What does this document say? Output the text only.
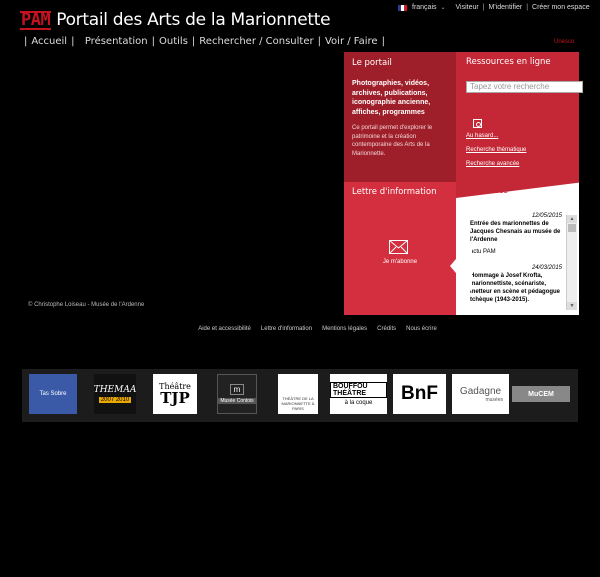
PAM Portail des Arts de la Marionnette
français ⌄
Visiteur | M'identifier | Créer mon espace
| Accueil |
Présentation | Outils | Rechercher / Consulter | Voir / Faire |	Unesco
Le portail
Photographies, vidéos, archives, publications, iconographie ancienne, affiches, programmes
Ce portail permet d'explorer le patrimoine et la création contemporaine des Arts de la Marionnette.
Ressources en ligne
Tapez votre recherche
Au hasard...
Recherche thématique
Recherche avancée
Lettre d'information
Je m'abonne
12/05/2015
Entrée des marionnettes de Jacques Chesnais au musée de l'Ardenne
actu PAM
24/03/2015
Hommage à Josef Krofta, marionnettiste, scénariste, metteur en scène et pédagogue tchèque (1943-2015).
▲
▼
© Christophe Loiseau - Musée de l'Ardenne
Aide et accessibilité Lettre d'information Mentions légales Crédits Nous écrire
Tas Sobre	THEMAA
2007 2010
Théâtre
TJP	m
Musée Contois	THÉÂTRE DE LA MARIONNETTE À PARIS
BOUFFOU THÉÂTRE
à la coque BnF Gadagne
musées
MuCEM
